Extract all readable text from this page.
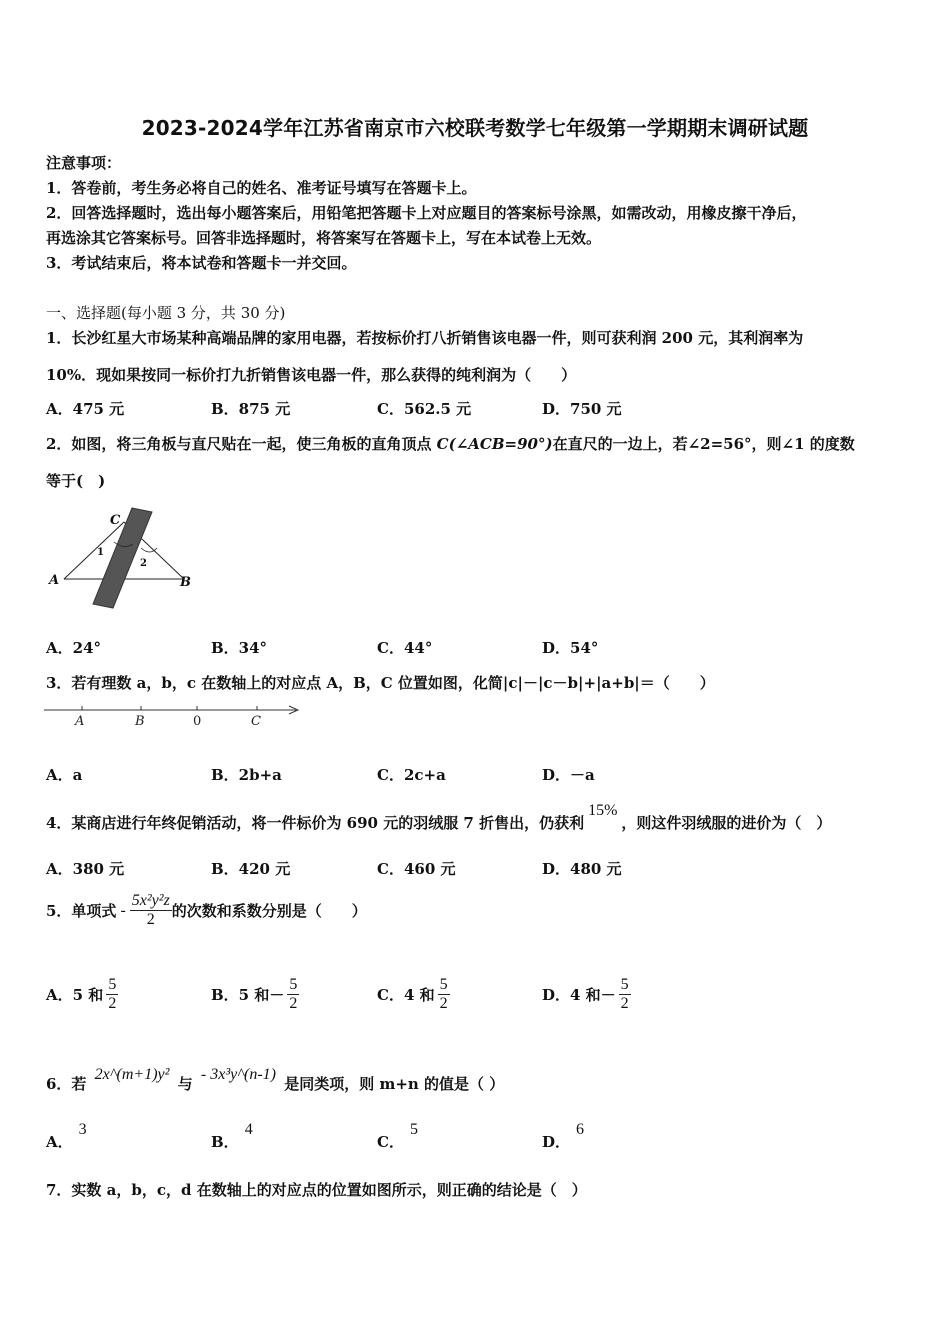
2023-2024学年江苏省南京市六校联考数学七年级第一学期期末调研试题
注意事项：
1．答卷前，考生务必将自己的姓名、准考证号填写在答题卡上。
2．回答选择题时，选出每小题答案后，用铅笔把答题卡上对应题目的答案标号涂黑，如需改动，用橡皮擦干净后，
再选涂其它答案标号。回答非选择题时，将答案写在答题卡上，写在本试卷上无效。
3．考试结束后，将本试卷和答题卡一并交回。
一、选择题(每小题 3 分，共 30 分)
1．长沙红星大市场某种高端品牌的家用电器，若按标价打八折销售该电器一件，则可获利润 200 元，其利润率为
10%．现如果按同一标价打九折销售该电器一件，那么获得的纯利润为（　　）
A．475 元	B．875 元	C．562.5 元	D．750 元
2．如图，将三角板与直尺贴在一起，使三角板的直角顶点 C(∠ACB=90°)在直尺的一边上，若∠2=56°，则∠1 的度数
等于(　)
C
A	B
1
2
A．24°	B．34°	C．44°	D．54°
3．若有理数 a，b，c 在数轴上的对应点 A，B，C 位置如图，化简|c|－|c－b|+|a+b|＝（　　）
A	B	0	C
A．a	B．2b+a	C．2c+a	D．－a
4．某商店进行年终促销活动，将一件标价为 690 元的羽绒服 7 折售出，仍获利15%，则这件羽绒服的进价为（　）
A．380 元	B．420 元	C．460 元	D．480 元
5．单项式 - $\frac{\text{5x²y²z}}{2}$ 的次数和系数分别是（　　）
A．5 和 $\frac{5}{2}$	B．5 和－ $\frac{5}{2}$	C．4 和 $\frac{5}{2}$	D．4 和－ $\frac{5}{2}$
6．若 2x^(m+1)y² 与 - 3x³y^(n-1) 是同类项，则 m+n 的值是（ ）
A．3
B．4
C．5
D．6
7．实数 a，b，c，d 在数轴上的对应点的位置如图所示，则正确的结论是（　）
